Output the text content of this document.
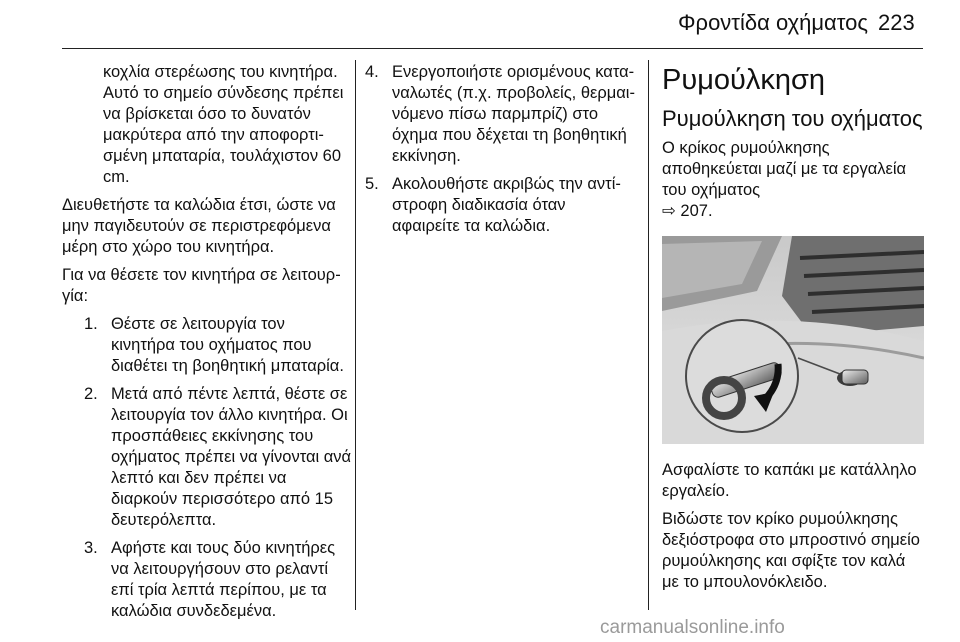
Φροντίδα οχήματος 223

κοχλία στερέωσης του κινητήρα. Αυτό το σημείο σύνδεσης πρέπει να βρίσκεται όσο το δυνατόν μακρύτερα από την αποφορτισμένη μπαταρία, τουλάχιστον 60 cm.

Διευθετήστε τα καλώδια έτσι, ώστε να μην παγιδευτούν σε περιστρεφόμενα μέρη στο χώρο του κινητήρα.

Για να θέσετε τον κινητήρα σε λειτουργία:

1. Θέστε σε λειτουργία τον κινητήρα του οχήματος που διαθέτει τη βοηθητική μπαταρία.
2. Μετά από πέντε λεπτά, θέστε σε λειτουργία τον άλλο κινητήρα. Οι προσπάθειες εκκίνησης του οχήματος πρέπει να γίνονται ανά λεπτό και δεν πρέπει να διαρκούν περισσότερο από 15 δευτερόλεπτα.
3. Αφήστε και τους δύο κινητήρες να λειτουργήσουν στο ρελαντί επί τρία λεπτά περίπου, με τα καλώδια συνδεδεμένα.
4. Ενεργοποιήστε ορισμένους καταναλωτές (π.χ. προβολείς, θερμαινόμενο πίσω παρμπρίζ) στο όχημα που δέχεται τη βοηθητική εκκίνηση.
5. Ακολουθήστε ακριβώς την αντίστροφη διαδικασία όταν αφαιρείτε τα καλώδια.
Ρυμούλκηση
Ρυμούλκηση του οχήματος

Ο κρίκος ρυμούλκησης αποθηκεύεται μαζί με τα εργαλεία του οχήματος
⇨ 207.

Ασφαλίστε το καπάκι με κατάλληλο εργαλείο.

Βιδώστε τον κρίκο ρυμούλκησης δεξιόστροφα στο μπροστινό σημείο ρυμούλκησης και σφίξτε τον καλά με το μπουλονόκλειδο.

carmanualsonline.info
